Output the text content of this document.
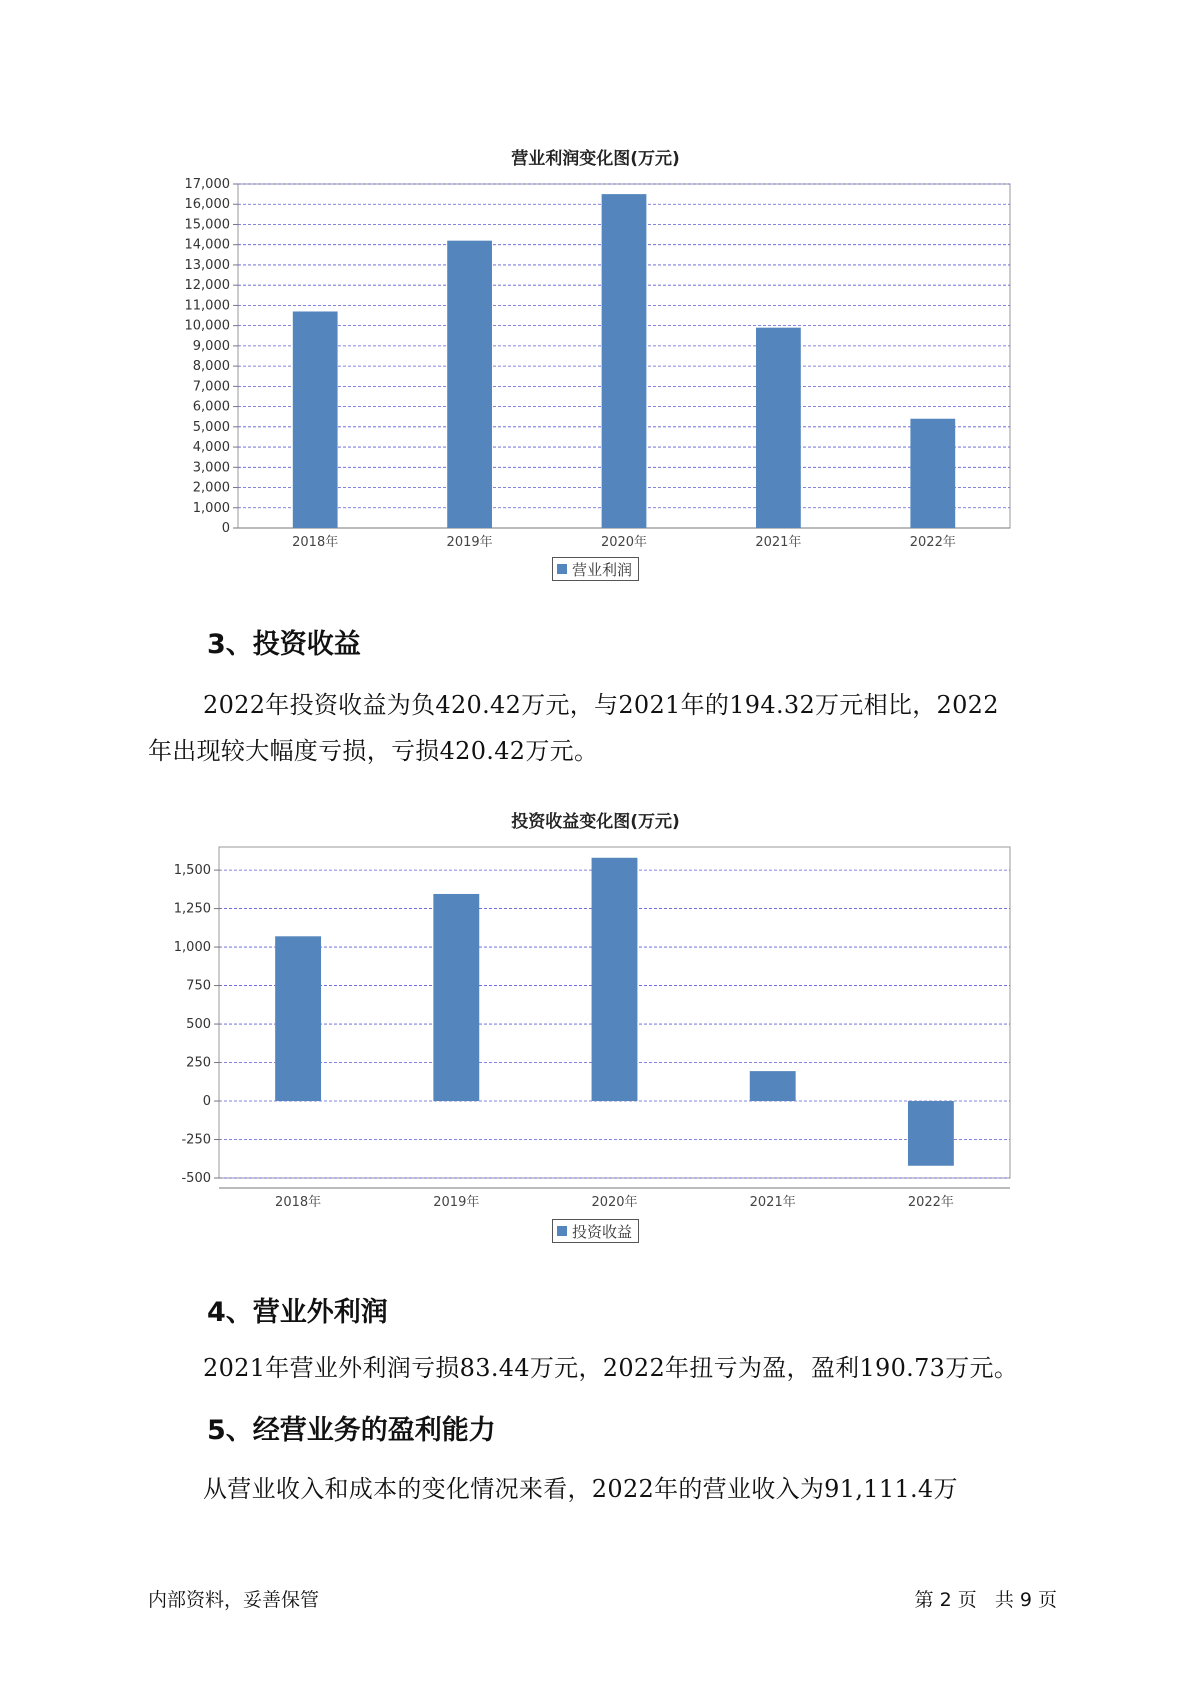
营业利润变化图(万元)
0
1,000
2,000
3,000
4,000
5,000
6,000
7,000
8,000
9,000
10,000
11,000
12,000
13,000
14,000
15,000
16,000
17,000
2018年	2019年	2020年	2021年	2022年
营业利润
3、投资收益
2022年投资收益为负420.42万元，与2021年的194.32万元相比，2022
年出现较大幅度亏损，亏损420.42万元。
投资收益变化图(万元)
-500
-250
0
250
500
750
1,000
1,250
1,500
2018年	2019年	2020年	2021年	2022年
投资收益
4、营业外利润
2021年营业外利润亏损83.44万元，2022年扭亏为盈，盈利190.73万元。
5、经营业务的盈利能力
从营业收入和成本的变化情况来看，2022年的营业收入为91,111.4万
内部资料，妥善保管	第 2 页   共 9 页
